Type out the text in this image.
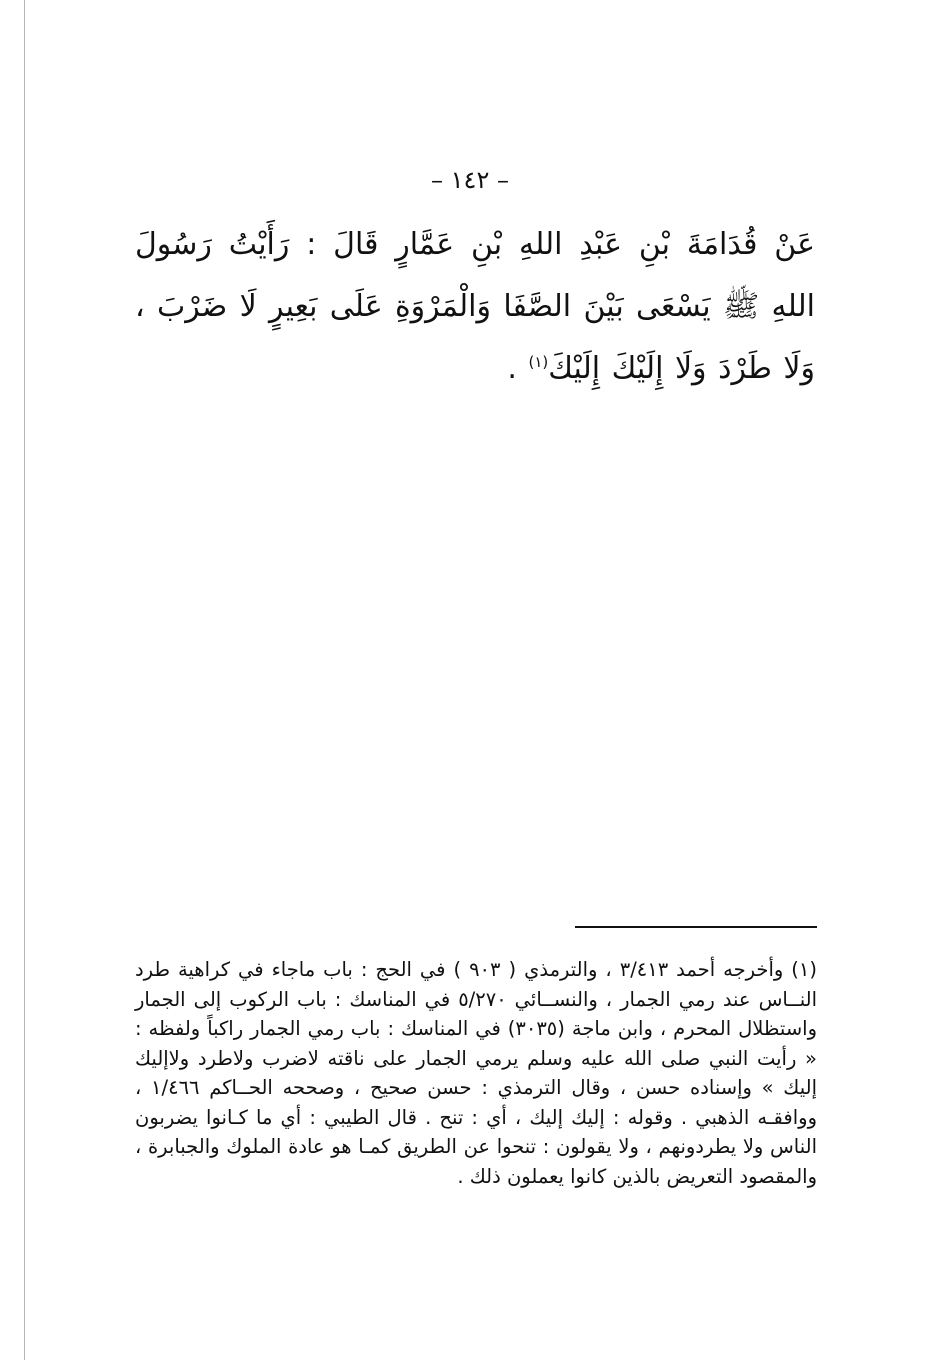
– ١٤٢ –
عَنْ قُدَامَةَ بْنِ عَبْدِ اللهِ بْنِ عَمَّارٍ قَالَ : رَأَيْتُ رَسُولَ اللهِ ﷺ يَسْعَى بَيْنَ الصَّفَا وَالْمَرْوَةِ عَلَى بَعِيرٍ لَا ضَرْبَ ، وَلَا طَرْدَ وَلَا إِلَيْكَ إِلَيْكَ$^{(١)}$ .
(١) وأخرجه أحمد ٣/٤١٣ ، والترمذي ( ٩٠٣ ) في الحج : باب ماجاء في كراهية طرد النــاس عند رمي الجمار ، والنســائي ٥/٢٧٠ في المناسك : باب الركوب إلى الجمار واستظلال المحرم ، وابن ماجة (٣٠٣٥) في المناسك : باب رمي الجمار راكباً ولفظه : « رأيت النبي صلى الله عليه وسلم يرمي الجمار على ناقته لاضرب ولاطرد ولاإليك إليك » وإسناده حسن ، وقال الترمذي : حسن صحيح ، وصححه الحــاكم ١/٤٦٦ ، ووافقـه الذهبي . وقوله : إليك إليك ، أي : تنح . قال الطيبي : أي ما كـانوا يضربون الناس ولا يطردونهم ، ولا يقولون : تنحوا عن الطريق كمـا هو عادة الملوك والجبابرة ، والمقصود التعريض بالذين كانوا يعملون ذلك .
